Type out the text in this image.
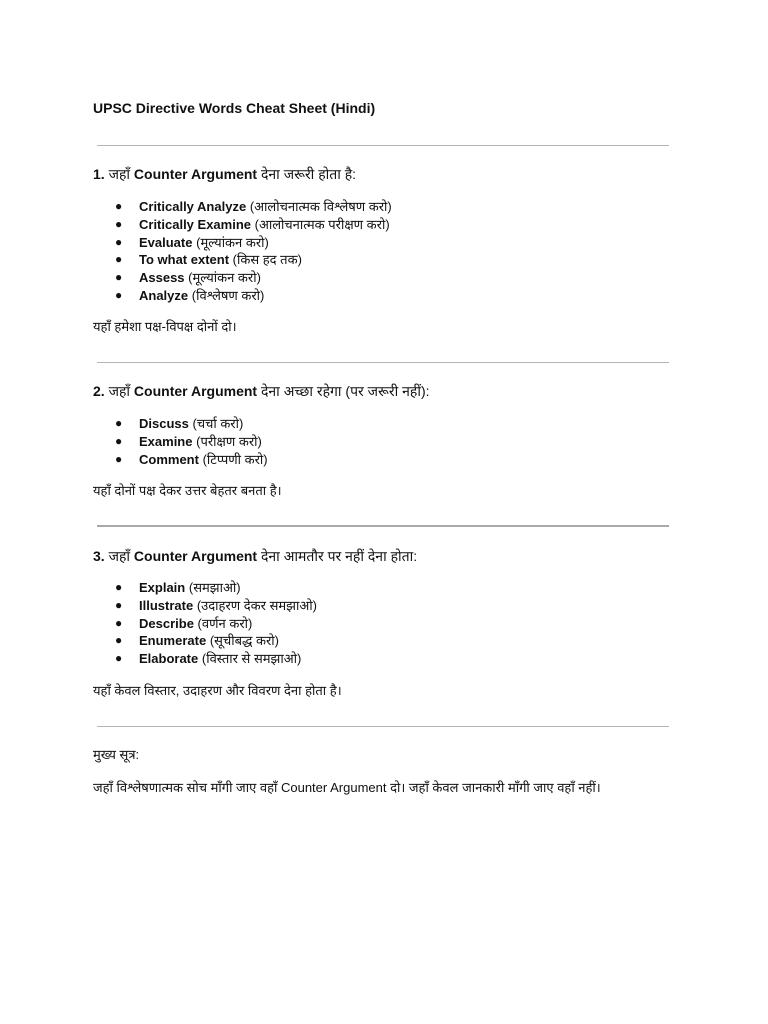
UPSC Directive Words Cheat Sheet (Hindi)

1. जहाँ Counter Argument देना जरूरी होता है:

● Critically Analyze (आलोचनात्मक विश्लेषण करो)
● Critically Examine (आलोचनात्मक परीक्षण करो)
● Evaluate (मूल्यांकन करो)
● To what extent (किस हद तक)
● Assess (मूल्यांकन करो)
● Analyze (विश्लेषण करो)

यहाँ हमेशा पक्ष-विपक्ष दोनों दो।

2. जहाँ Counter Argument देना अच्छा रहेगा (पर जरूरी नहीं):

● Discuss (चर्चा करो)
● Examine (परीक्षण करो)
● Comment (टिप्पणी करो)

यहाँ दोनों पक्ष देकर उत्तर बेहतर बनता है।

3. जहाँ Counter Argument देना आमतौर पर नहीं देना होता:

● Explain (समझाओ)
● Illustrate (उदाहरण देकर समझाओ)
● Describe (वर्णन करो)
● Enumerate (सूचीबद्ध करो)
● Elaborate (विस्तार से समझाओ)

यहाँ केवल विस्तार, उदाहरण और विवरण देना होता है।

मुख्य सूत्र:

जहाँ विश्लेषणात्मक सोच माँगी जाए वहाँ Counter Argument दो। जहाँ केवल जानकारी माँगी जाए वहाँ नहीं।
